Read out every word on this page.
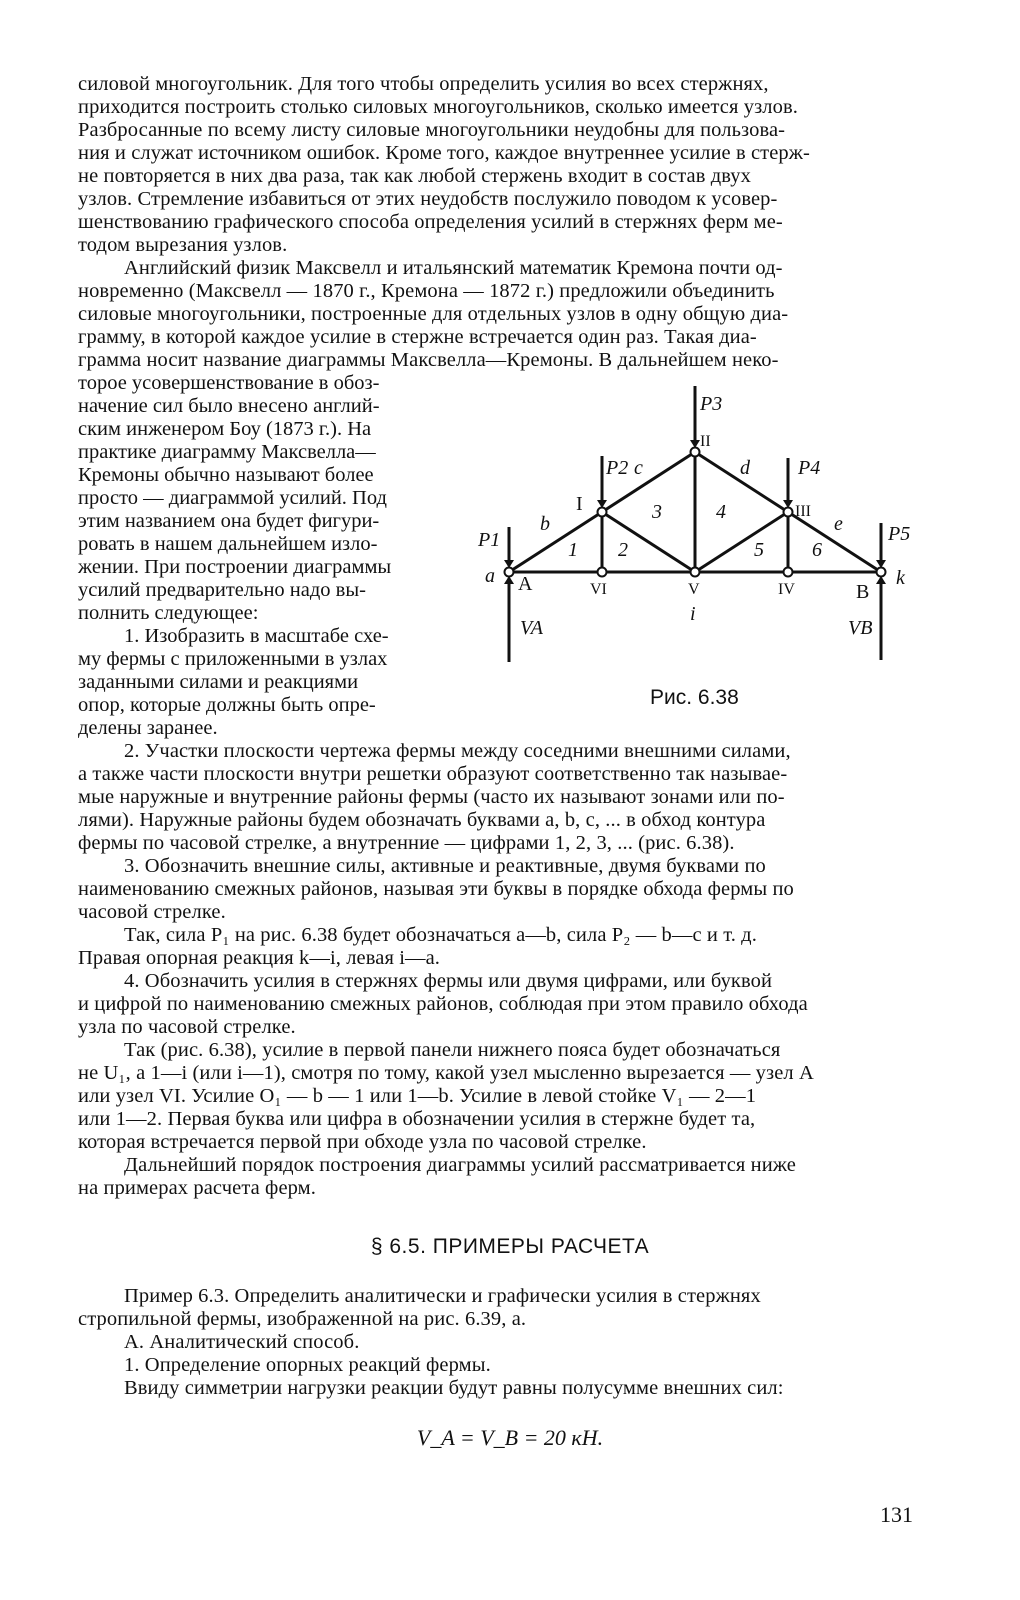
силовой многоугольник. Для того чтобы определить усилия во всех стержнях,
приходится построить столько силовых многоугольников, сколько имеется узлов.
Разбросанные по всему листу силовые многоугольники неудобны для пользова-
ния и служат источником ошибок. Кроме того, каждое внутреннее усилие в стерж-
не повторяется в них два раза, так как любой стержень входит в состав двух
узлов. Стремление избавиться от этих неудобств послужило поводом к усовер-
шенствованию графического способа определения усилий в стержнях ферм ме-
тодом вырезания узлов.
Английский физик Максвелл и итальянский математик Кремона почти од-
новременно (Максвелл — 1870 г., Кремона — 1872 г.) предложили объединить
силовые многоугольники, построенные для отдельных узлов в одну общую диа-
грамму, в которой каждое усилие в стержне встречается один раз. Такая диа-
грамма носит название диаграммы Максвелла—Кремоны. В дальнейшем неко-
торое усовершенствование в обоз-
начение сил было внесено англий-
ским инженером Боу (1873 г.). На
практике диаграмму Максвелла—
Кремоны обычно называют более
просто — диаграммой усилий. Под
этим названием она будет фигури-
ровать в нашем дальнейшем изло-
жении. При построении диаграммы
усилий предварительно надо вы-
полнить следующее:
1. Изобразить в масштабе схе-
му фермы с приложенными в узлах
заданными силами и реакциями
опор, которые должны быть опре-
делены заранее.
P1
P2
P3
P4
P5
VA	VB
A	VI	V	IV	B
I
II
III
a
b
c	d
e
k
i
1 2
3	4
5 6
Рис. 6.38
2. Участки плоскости чертежа фермы между соседними внешними силами,
а также части плоскости внутри решетки образуют соответственно так называе-
мые наружные и внутренние районы фермы (часто их называют зонами или по-
лями). Наружные районы будем обозначать буквами a, b, c, ... в обход контура
фермы по часовой стрелке, а внутренние — цифрами 1, 2, 3, ... (рис. 6.38).
3. Обозначить внешние силы, активные и реактивные, двумя буквами по
наименованию смежных районов, называя эти буквы в порядке обхода фермы по
часовой стрелке.
Так, сила P₁ на рис. 6.38 будет обозначаться a—b, сила P₂ — b—c и т. д.
Правая опорная реакция k—i, левая i—a.
4. Обозначить усилия в стержнях фермы или двумя цифрами, или буквой
и цифрой по наименованию смежных районов, соблюдая при этом правило обхода
узла по часовой стрелке.
Так (рис. 6.38), усилие в первой панели нижнего пояса будет обозначаться
не U₁, а 1—i (или i—1), смотря по тому, какой узел мысленно вырезается — узел A
или узел VI. Усилие O₁ — b — 1 или 1—b. Усилие в левой стойке V₁ — 2—1
или 1—2. Первая буква или цифра в обозначении усилия в стержне будет та,
которая встречается первой при обходе узла по часовой стрелке.
Дальнейший порядок построения диаграммы усилий рассматривается ниже
на примерах расчета ферм.
§ 6.5. ПРИМЕРЫ РАСЧЕТА
Пример 6.3. Определить аналитически и графически усилия в стержнях
стропильной фермы, изображенной на рис. 6.39, а.
А. Аналитический способ.
1. Определение опорных реакций фермы.
Ввиду симметрии нагрузки реакции будут равны полусумме внешних сил:
V_A = V_B = 20 кН.
131
